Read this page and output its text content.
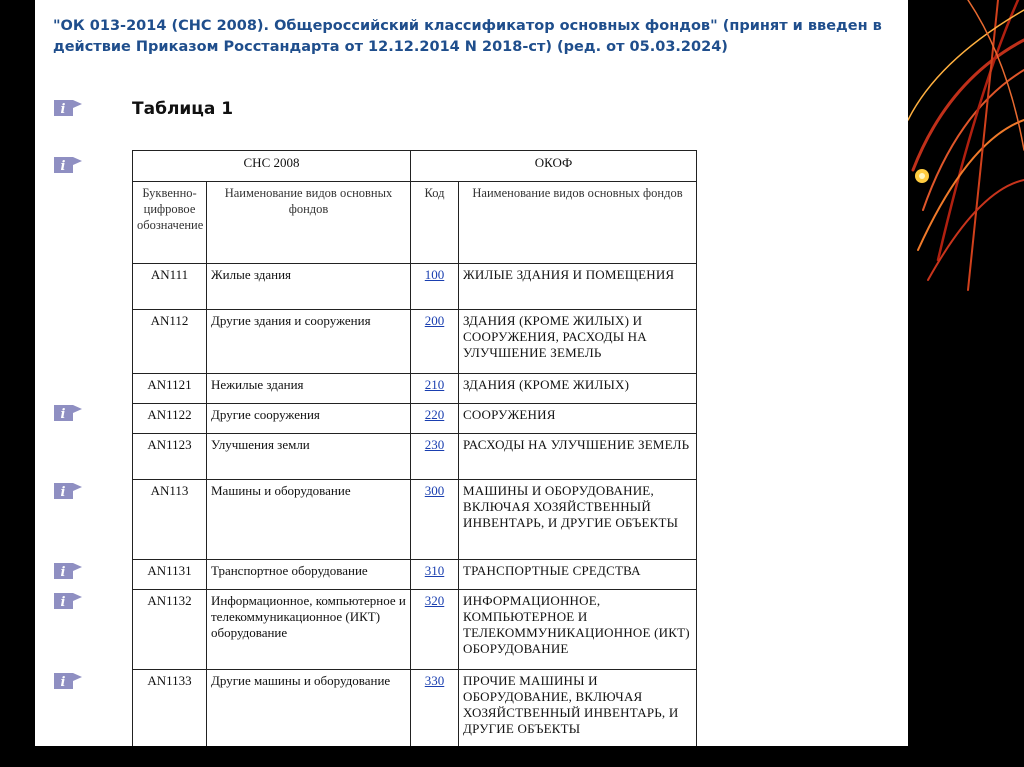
"ОК 013-2014 (СНС 2008). Общероссийский классификатор основных фондов" (принят и введен в действие Приказом Росстандарта от 12.12.2014 N 2018-ст) (ред. от 05.03.2024)
i	Таблица 1
i
i
i
i
i
i
СНС 2008		ОКОФ	
Буквенно-цифровое обозначение	Наименование видов основных фондов	Код	Наименование видов основных фондов
AN111	Жилые здания	100	ЖИЛЫЕ ЗДАНИЯ И ПОМЕЩЕНИЯ
AN112	Другие здания и сооружения	200	ЗДАНИЯ (КРОМЕ ЖИЛЫХ) И СООРУЖЕНИЯ, РАСХОДЫ НА УЛУЧШЕНИЕ ЗЕМЕЛЬ
AN1121	Нежилые здания	210	ЗДАНИЯ (КРОМЕ ЖИЛЫХ)
AN1122	Другие сооружения	220	СООРУЖЕНИЯ
AN1123	Улучшения земли	230	РАСХОДЫ НА УЛУЧШЕНИЕ ЗЕМЕЛЬ
AN113	Машины и оборудование	300	МАШИНЫ И ОБОРУДОВАНИЕ, ВКЛЮЧАЯ ХОЗЯЙСТВЕННЫЙ ИНВЕНТАРЬ, И ДРУГИЕ ОБЪЕКТЫ
AN1131	Транспортное оборудование	310	ТРАНСПОРТНЫЕ СРЕДСТВА
AN1132	Информационное, компьютерное и телекоммуникационное (ИКТ) оборудование	320	ИНФОРМАЦИОННОЕ, КОМПЬЮТЕРНОЕ И ТЕЛЕКОММУНИКАЦИОННОЕ (ИКТ) ОБОРУДОВАНИЕ
AN1133	Другие машины и оборудование	330	ПРОЧИЕ МАШИНЫ И ОБОРУДОВАНИЕ, ВКЛЮЧАЯ ХОЗЯЙСТВЕННЫЙ ИНВЕНТАРЬ, И ДРУГИЕ ОБЪЕКТЫ
